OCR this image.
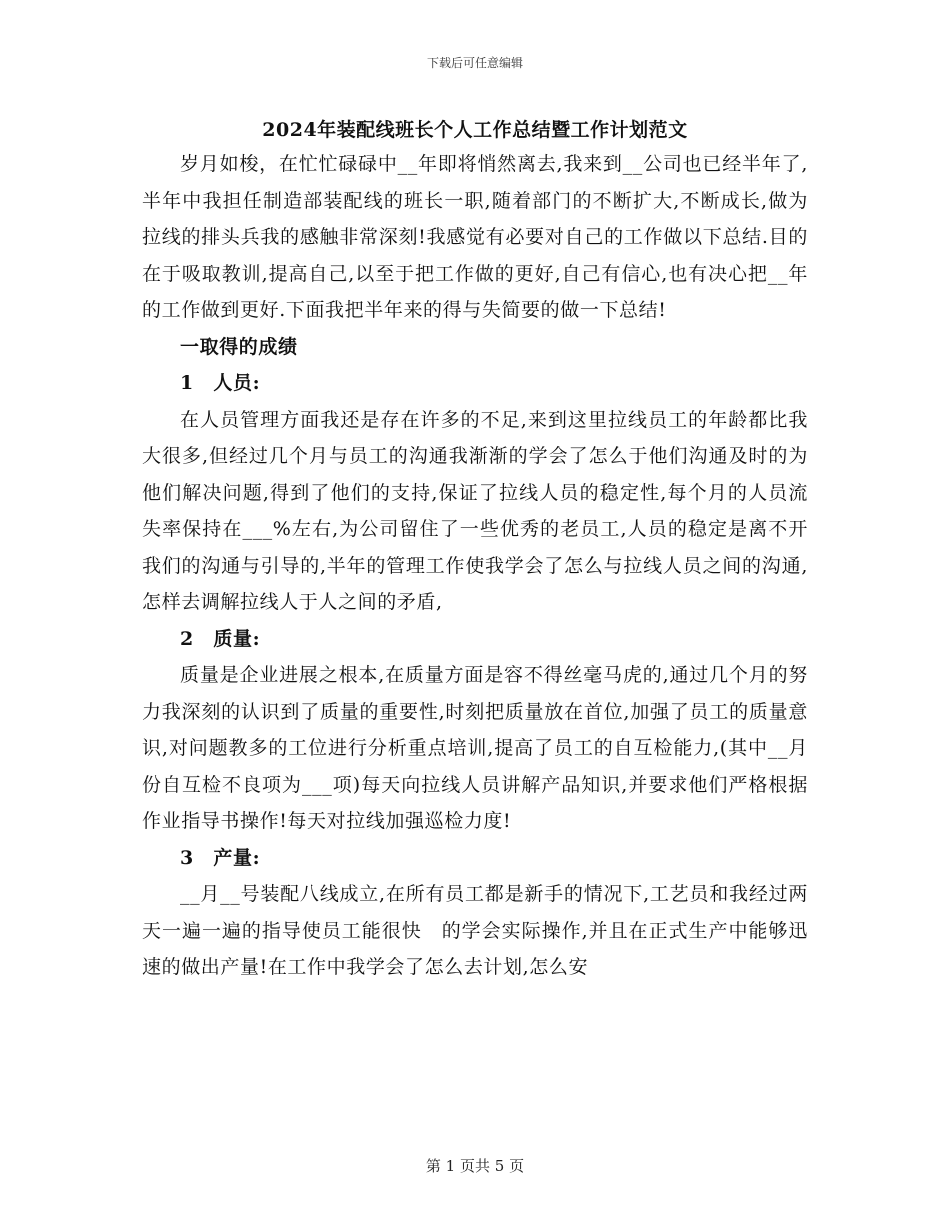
下载后可任意编辑
2024年装配线班长个人工作总结暨工作计划范文

岁月如梭，在忙忙碌碌中__年即将悄然离去,我来到__公司也已经半年了,半年中我担任制造部装配线的班长一职,随着部门的不断扩大,不断成长,做为拉线的排头兵我的感触非常深刻!我感觉有必要对自己的工作做以下总结.目的在于吸取教训,提高自己,以至于把工作做的更好,自己有信心,也有决心把__年的工作做到更好.下面我把半年来的得与失简要的做一下总结!

一取得的成绩

1　人员:

在人员管理方面我还是存在许多的不足,来到这里拉线员工的年龄都比我大很多,但经过几个月与员工的沟通我渐渐的学会了怎么于他们沟通及时的为他们解决问题,得到了他们的支持,保证了拉线人员的稳定性,每个月的人员流失率保持在___%左右,为公司留住了一些优秀的老员工,人员的稳定是离不开我们的沟通与引导的,半年的管理工作使我学会了怎么与拉线人员之间的沟通,怎样去调解拉线人于人之间的矛盾,

2　质量:

质量是企业进展之根本,在质量方面是容不得丝毫马虎的,通过几个月的努力我深刻的认识到了质量的重要性,时刻把质量放在首位,加强了员工的质量意识,对问题教多的工位进行分析重点培训,提高了员工的自互检能力,(其中__月份自互检不良项为___项)每天向拉线人员讲解产品知识,并要求他们严格根据作业指导书操作!每天对拉线加强巡检力度!

3　产量:

__月__号装配八线成立,在所有员工都是新手的情况下,工艺员和我经过两天一遍一遍的指导使员工能很快　的学会实际操作,并且在正式生产中能够迅速的做出产量!在工作中我学会了怎么去计划,怎么安

第 1 页共 5 页
